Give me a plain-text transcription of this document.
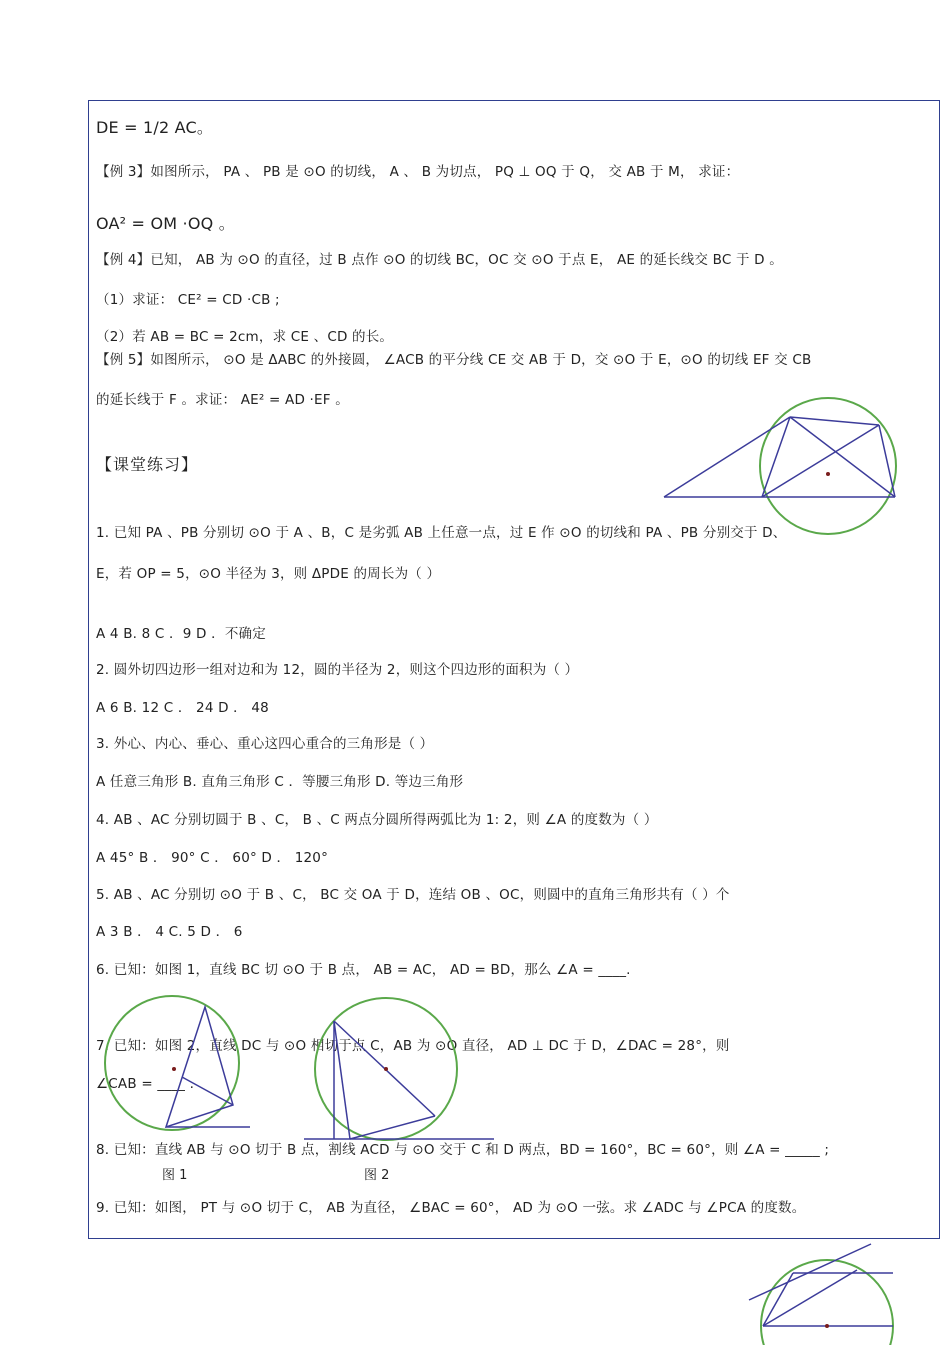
DE = 1/2 AC。
【例 3】如图所示， PA 、 PB 是 ⊙O 的切线， A 、 B 为切点， PQ ⊥ OQ 于 Q， 交 AB 于 M， 求证：
OA² = OM ·OQ 。
【例 4】已知， AB 为 ⊙O 的直径，过 B 点作 ⊙O 的切线 BC，OC 交 ⊙O 于点 E， AE 的延长线交 BC 于 D 。
（1）求证： CE² = CD ·CB ;
（2）若 AB = BC = 2cm，求 CE 、CD 的长。
【例 5】如图所示， ⊙O 是 ΔABC 的外接圆， ∠ACB 的平分线 CE 交 AB 于 D，交 ⊙O 于 E，⊙O 的切线 EF 交 CB
的延长线于 F 。求证： AE² = AD ·EF 。
【课堂练习】
1. 已知 PA 、PB 分别切 ⊙O 于 A 、B，C 是劣弧 AB 上任意一点，过 E 作 ⊙O 的切线和 PA 、PB 分别交于 D、
E，若 OP = 5，⊙O 半径为 3，则 ΔPDE 的周长为（ ）
A 4 B. 8 C ．9 D ．不确定
2. 圆外切四边形一组对边和为 12，圆的半径为 2，则这个四边形的面积为（ ）
A 6 B. 12 C ． 24 D ． 48
3. 外心、内心、垂心、重心这四心重合的三角形是（ ）
A 任意三角形 B. 直角三角形 C ．等腰三角形 D. 等边三角形
4. AB 、AC 分别切圆于 B 、C， B 、C 两点分圆所得两弧比为 1: 2，则 ∠A 的度数为（ ）
A 45° B ． 90° C ． 60° D ． 120°
5. AB 、AC 分别切 ⊙O 于 B 、C， BC 交 OA 于 D，连结 OB 、OC，则圆中的直角三角形共有（ ）个
A 3 B ． 4 C. 5 D ． 6
6. 已知：如图 1，直线 BC 切 ⊙O 于 B 点， AB = AC， AD = BD，那么 ∠A = ____.
7. 已知：如图 2，直线 DC 与 ⊙O 相切于点 C，AB 为 ⊙O 直径， AD ⊥ DC 于 D，∠DAC = 28°，则
∠CAB = ____ .
8. 已知：直线 AB 与 ⊙O 切于 B 点，割线 ACD 与 ⊙O 交于 C 和 D 两点，BD = 160°，BC = 60°，则 ∠A = _____ ;
9. 已知：如图， PT 与 ⊙O 切于 C， AB 为直径， ∠BAC = 60°， AD 为 ⊙O 一弦。求 ∠ADC 与 ∠PCA 的度数。
图 1	图 2
